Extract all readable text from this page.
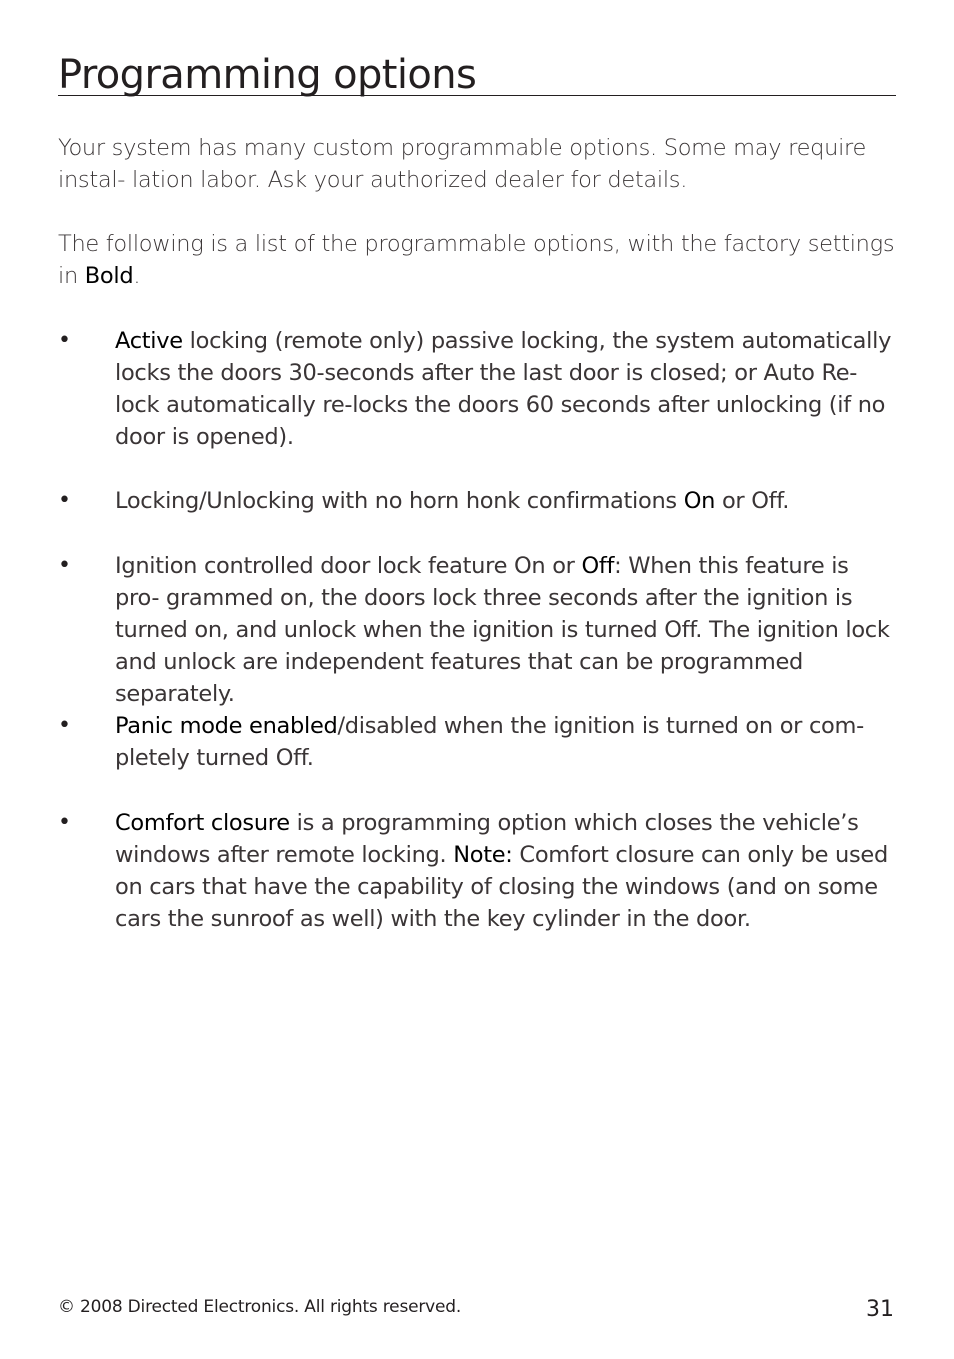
Programming options

Your system has many custom programmable options. Some may require instal- lation labor. Ask your authorized dealer for details.

The following is a list of the programmable options, with the factory settings in Bold.

• Active locking (remote only) passive locking, the system automatically locks the doors 30-seconds after the last door is closed; or Auto Re-lock automatically re-locks the doors 60 seconds after unlocking (if no door is opened).
• Locking/Unlocking with no horn honk confirmations On or Off.
• Ignition controlled door lock feature On or Off: When this feature is pro- grammed on, the doors lock three seconds after the ignition is turned on, and unlock when the ignition is turned Off. The ignition lock and unlock are independent features that can be programmed separately.
• Panic mode enabled/disabled when the ignition is turned on or com- pletely turned Off.
• Comfort closure is a programming option which closes the vehicle’s windows after remote locking. Note: Comfort closure can only be used on cars that have the capability of closing the windows (and on some cars the sunroof as well) with the key cylinder in the door.
© 2008 Directed Electronics. All rights reserved.	31
